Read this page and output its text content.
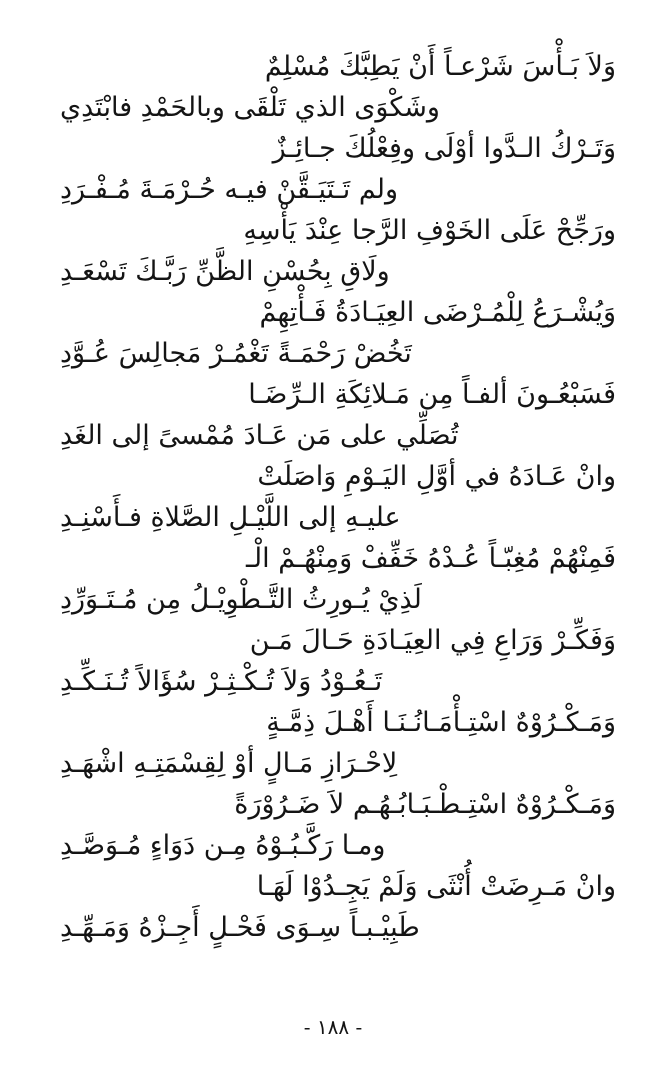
وَلاَ بَـأْسَ شَرْعـاً أَنْ يَطِبَّكَ مُسْلِمٌ
وشَكْوَى الذي تَلْقَى وبالحَمْدِ فابْتَدِي
وَتَـرْكُ الـدَّوا أوْلَى وفِعْلُكَ جـائِـزٌ
ولم تَـتَيَـقَّنْ فيـه حُـرْمَـةَ مُـفْـرَدِ
ورَجِّحْ عَلَى الخَوْفِ الرَّجا عِنْدَ يَأْسِهِ
ولَاقِ بِحُسْنِ الظَّنِّ رَبَّـكَ تَسْعَـدِ
وَيُشْـرَعُ لِلْمُـرْضَى العِيَـادَةُ فَـأْتِهِمْ
تَخُضْ رَحْمَـةً تَغْمُـرْ مَجالِسَ عُـوَّدِ
فَسَبْعُـونَ ألفـاً مِن مَـلائِكَةِ الـرِّضَـا
تُصَلِّي على مَن عَـادَ مُمْسىً إلى الغَدِ
وانْ عَـادَهُ في أوَّلِ اليَـوْمِ وَاصَلَتْ
عليـهِ إلى اللَّيْـلِ الصَّلاةِ فـأَسْنِـدِ
فَمِنْهُمْ مُغِبّـاً عُـدْهُ خَفِّفْ وَمِنْهُـمْ الْـ
لَذِيْ يُـورِثُ التَّـطْوِيْـلُ مِن مُـتَـوَرِّدِ
وَفَكِّـرْ وَرَاعِ فِي العِيَـادَةِ حَـالَ مَـن
تَـعُـوْدُ وَلاَ تُـكْـثِـرْ سُؤَالاً تُـنَـكِّـدِ
وَمَـكْـرُوْهٌ اسْتِـأْمَـانُـنَـا أَهْـلَ ذِمَّـةٍ
لِاحْـرَازِ مَـالٍ أوْ لِقِسْمَتِـهِ اشْهَـدِ
وَمَـكْـرُوْهٌ اسْتِـطْـبَـابُـهُـم لاَ ضَـرُوْرَةً
ومـا رَكَّـبُـوْهُ مِـن دَوَاءٍ مُـوَصَّـدِ
وانْ مَـرِضَتْ أُنْثَى وَلَمْ يَجِـدُوْا لَهَـا
طَبِيْـبـاً سِـوَى فَحْـلٍ أَجِـزْهُ وَمَـهِّـدِ
- ١٨٨ -
